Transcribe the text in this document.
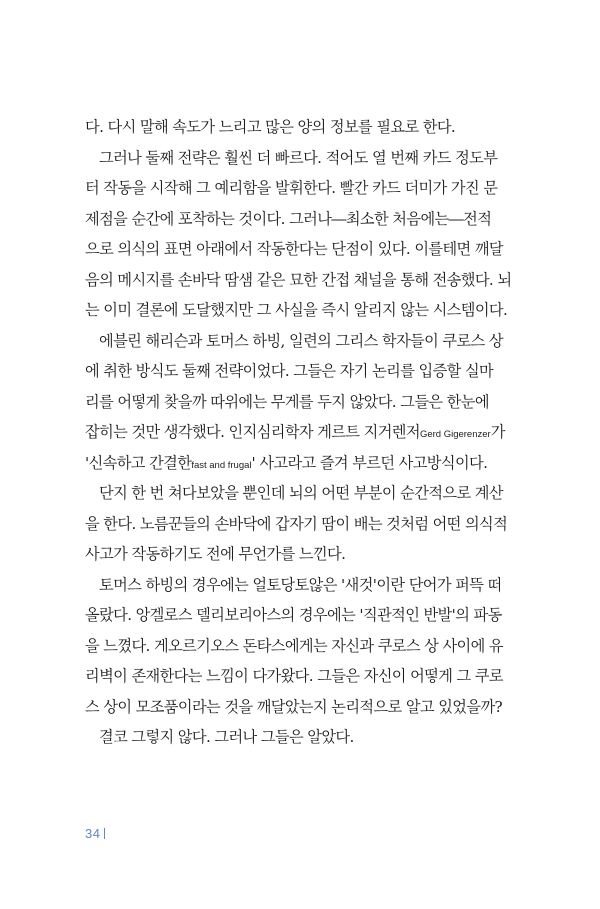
다. 다시 말해 속도가 느리고 많은 양의 정보를 필요로 한다.
그러나 둘째 전략은 훨씬 더 빠르다. 적어도 열 번째 카드 정도부
터 작동을 시작해 그 예리함을 발휘한다. 빨간 카드 더미가 가진 문
제점을 순간에 포착하는 것이다. 그러나―최소한 처음에는―전적
으로 의식의 표면 아래에서 작동한다는 단점이 있다. 이를테면 깨달
음의 메시지를 손바닥 땀샘 같은 묘한 간접 채널을 통해 전송했다. 뇌
는 이미 결론에 도달했지만 그 사실을 즉시 알리지 않는 시스템이다.
에블린 해리슨과 토머스 하빙, 일련의 그리스 학자들이 쿠로스 상
에 취한 방식도 둘째 전략이었다. 그들은 자기 논리를 입증할 실마
리를 어떻게 찾을까 따위에는 무게를 두지 않았다. 그들은 한눈에
잡히는 것만 생각했다. 인지심리학자 게르트 지거렌저Gerd Gigerenzer가
'신속하고 간결한fast and frugal' 사고라고 즐겨 부르던 사고방식이다.
단지 한 번 쳐다보았을 뿐인데 뇌의 어떤 부분이 순간적으로 계산
을 한다. 노름꾼들의 손바닥에 갑자기 땀이 배는 것처럼 어떤 의식적
사고가 작동하기도 전에 무언가를 느낀다.
토머스 하빙의 경우에는 얼토당토않은 '새것'이란 단어가 퍼뜩 떠
올랐다. 앙겔로스 델리보리아스의 경우에는 '직관적인 반발'의 파동
을 느꼈다. 게오르기오스 돈타스에게는 자신과 쿠로스 상 사이에 유
리벽이 존재한다는 느낌이 다가왔다. 그들은 자신이 어떻게 그 쿠로
스 상이 모조품이라는 것을 깨달았는지 논리적으로 알고 있었을까?
결코 그렇지 않다. 그러나 그들은 알았다.
34
